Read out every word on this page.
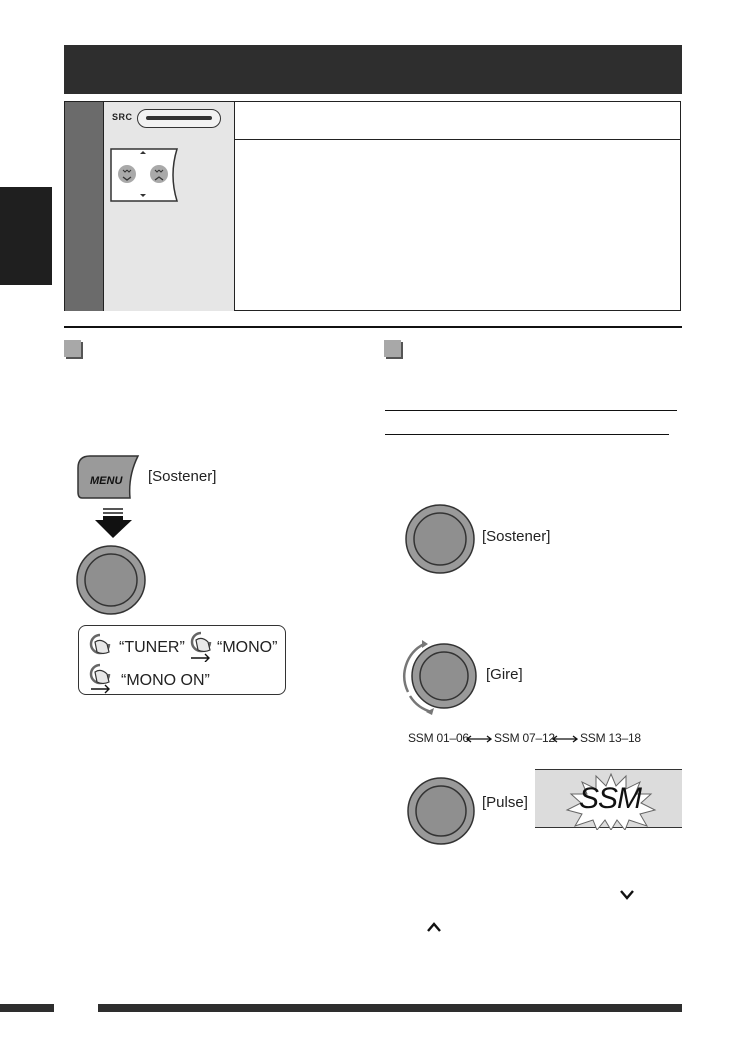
SRC
MENU [Sostener]
“TUNER” “MONO”
“MONO ON”
[Sostener]
[Gire]
SSM 01–06 SSM 07–12 SSM 13–18
[Pulse] SSM
